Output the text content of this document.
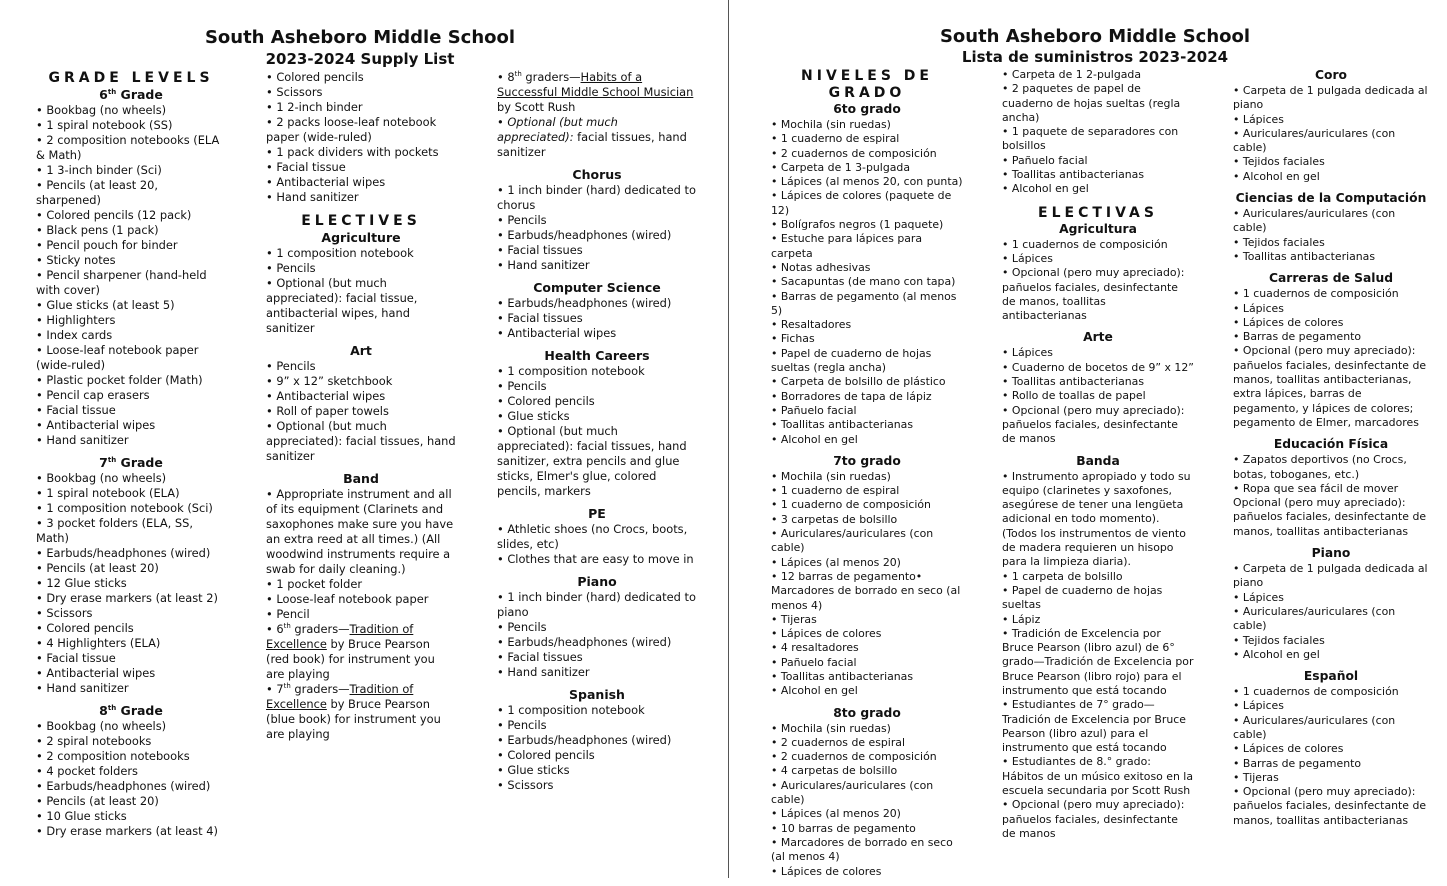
South Asheboro Middle School
2023-2024 Supply List
GRADE LEVELS
6th Grade
• Bookbag (no wheels)
• 1 spiral notebook (SS)
• 2 composition notebooks (ELA & Math)
• 1 3-inch binder (Sci)
• Pencils (at least 20, sharpened)
• Colored pencils (12 pack)
• Black pens (1 pack)
• Pencil pouch for binder
• Sticky notes
• Pencil sharpener (hand-held with cover)
• Glue sticks (at least 5)
• Highlighters
• Index cards
• Loose-leaf notebook paper (wide-ruled)
• Plastic pocket folder (Math)
• Pencil cap erasers
• Facial tissue
• Antibacterial wipes
• Hand sanitizer
7th Grade
• Bookbag (no wheels)
• 1 spiral notebook (ELA)
• 1 composition notebook (Sci)
• 3 pocket folders (ELA, SS, Math)
• Earbuds/headphones (wired)
• Pencils (at least 20)
• 12 Glue sticks
• Dry erase markers (at least 2)
• Scissors
• Colored pencils
• 4 Highlighters (ELA)
• Facial tissue
• Antibacterial wipes
• Hand sanitizer
8th Grade
• Bookbag (no wheels)
• 2 spiral notebooks
• 2 composition notebooks
• 4 pocket folders
• Earbuds/headphones (wired)
• Pencils (at least 20)
• 10 Glue sticks
• Dry erase markers (at least 4)
• Colored pencils
• Scissors
• 1 2-inch binder
• 2 packs loose-leaf notebook paper (wide-ruled)
• 1 pack dividers with pockets
• Facial tissue
• Antibacterial wipes
• Hand sanitizer
ELECTIVES
Agriculture
• 1 composition notebook
• Pencils
• Optional (but much appreciated): facial tissue, antibacterial wipes, hand sanitizer
Art
• Pencils
• 9” x 12” sketchbook
• Antibacterial wipes
• Roll of paper towels
• Optional (but much appreciated): facial tissues, hand sanitizer
Band
• Appropriate instrument and all of its equipment (Clarinets and saxophones make sure you have an extra reed at all times.) (All woodwind instruments require a swab for daily cleaning.)
• 1 pocket folder
• Loose-leaf notebook paper
• Pencil
• 6th graders—Tradition of Excellence by Bruce Pearson (red book) for instrument you are playing
• 7th graders—Tradition of Excellence by Bruce Pearson (blue book) for instrument you are playing
• 8th graders—Habits of a Successful Middle School Musician by Scott Rush
• Optional (but much appreciated): facial tissues, hand sanitizer
Chorus
• 1 inch binder (hard) dedicated to chorus
• Pencils
• Earbuds/headphones (wired)
• Facial tissues
• Hand sanitizer
Computer Science
• Earbuds/headphones (wired)
• Facial tissues
• Antibacterial wipes
Health Careers
• 1 composition notebook
• Pencils
• Colored pencils
• Glue sticks
• Optional (but much appreciated): facial tissues, hand sanitizer, extra pencils and glue sticks, Elmer's glue, colored pencils, markers
PE
• Athletic shoes (no Crocs, boots, slides, etc)
• Clothes that are easy to move in
Piano
• 1 inch binder (hard) dedicated to piano
• Pencils
• Earbuds/headphones (wired)
• Facial tissues
• Hand sanitizer
Spanish
• 1 composition notebook
• Pencils
• Earbuds/headphones (wired)
• Colored pencils
• Glue sticks
• Scissors
South Asheboro Middle School
Lista de suministros 2023-2024
NIVELES DE GRADO
6to grado
• Mochila (sin ruedas)
• 1 cuaderno de espiral
• 2 cuadernos de composición
• Carpeta de 1 3-pulgada
• Lápices (al menos 20, con punta)
• Lápices de colores (paquete de 12)
• Bolígrafos negros (1 paquete)
• Estuche para lápices para carpeta
• Notas adhesivas
• Sacapuntas (de mano con tapa)
• Barras de pegamento (al menos 5)
• Resaltadores
• Fichas
• Papel de cuaderno de hojas sueltas (regla ancha)
• Carpeta de bolsillo de plástico
• Borradores de tapa de lápiz
• Pañuelo facial
• Toallitas antibacterianas
• Alcohol en gel
7to grado
• Mochila (sin ruedas)
• 1 cuaderno de espiral
• 1 cuaderno de composición
• 3 carpetas de bolsillo
• Auriculares/auriculares (con cable)
• Lápices (al menos 20)
• 12 barras de pegamento• Marcadores de borrado en seco (al menos 4)
• Tijeras
• Lápices de colores
• 4 resaltadores
• Pañuelo facial
• Toallitas antibacterianas
• Alcohol en gel
8to grado
• Mochila (sin ruedas)
• 2 cuadernos de espiral
• 2 cuadernos de composición
• 4 carpetas de bolsillo
• Auriculares/auriculares (con cable)
• Lápices (al menos 20)
• 10 barras de pegamento
• Marcadores de borrado en seco (al menos 4)
• Lápices de colores
• Carpeta de 1 2-pulgada
• 2 paquetes de papel de cuaderno de hojas sueltas (regla ancha)
• 1 paquete de separadores con bolsillos
• Pañuelo facial
• Toallitas antibacterianas
• Alcohol en gel
ELECTIVAS
Agricultura
• 1 cuadernos de composición
• Lápices
• Opcional (pero muy apreciado): pañuelos faciales, desinfectante de manos, toallitas antibacterianas
Arte
• Lápices
• Cuaderno de bocetos de 9” x 12”
• Toallitas antibacterianas
• Rollo de toallas de papel
• Opcional (pero muy apreciado): pañuelos faciales, desinfectante de manos
Banda
• Instrumento apropiado y todo su equipo (clarinetes y saxofones, asegúrese de tener una lengüeta adicional en todo momento). (Todos los instrumentos de viento de madera requieren un hisopo para la limpieza diaria).
• 1 carpeta de bolsillo
• Papel de cuaderno de hojas sueltas
• Lápiz
• Tradición de Excelencia por Bruce Pearson (libro azul) de 6° grado—Tradición de Excelencia por Bruce Pearson (libro rojo) para el instrumento que está tocando
• Estudiantes de 7° grado—Tradición de Excelencia por Bruce Pearson (libro azul) para el instrumento que está tocando
• Estudiantes de 8.° grado: Hábitos de un músico exitoso en la escuela secundaria por Scott Rush
• Opcional (pero muy apreciado): pañuelos faciales, desinfectante de manos
Coro
• Carpeta de 1 pulgada dedicada al piano
• Lápices
• Auriculares/auriculares (con cable)
• Tejidos faciales
• Alcohol en gel
Ciencias de la Computación
• Auriculares/auriculares (con cable)
• Tejidos faciales
• Toallitas antibacterianas
Carreras de Salud
• 1 cuadernos de composición
• Lápices
• Lápices de colores
• Barras de pegamento
• Opcional (pero muy apreciado): pañuelos faciales, desinfectante de manos, toallitas antibacterianas, extra lápices, barras de pegamento, y lápices de colores; pegamento de Elmer, marcadores
Educación Física
• Zapatos deportivos (no Crocs, botas, toboganes, etc.)
• Ropa que sea fácil de mover Opcional (pero muy apreciado): pañuelos faciales, desinfectante de manos, toallitas antibacterianas
Piano
• Carpeta de 1 pulgada dedicada al piano
• Lápices
• Auriculares/auriculares (con cable)
• Tejidos faciales
• Alcohol en gel
Español
• 1 cuadernos de composición
• Lápices
• Auriculares/auriculares (con cable)
• Lápices de colores
• Barras de pegamento
• Tijeras
• Opcional (pero muy apreciado): pañuelos faciales, desinfectante de manos, toallitas antibacterianas
